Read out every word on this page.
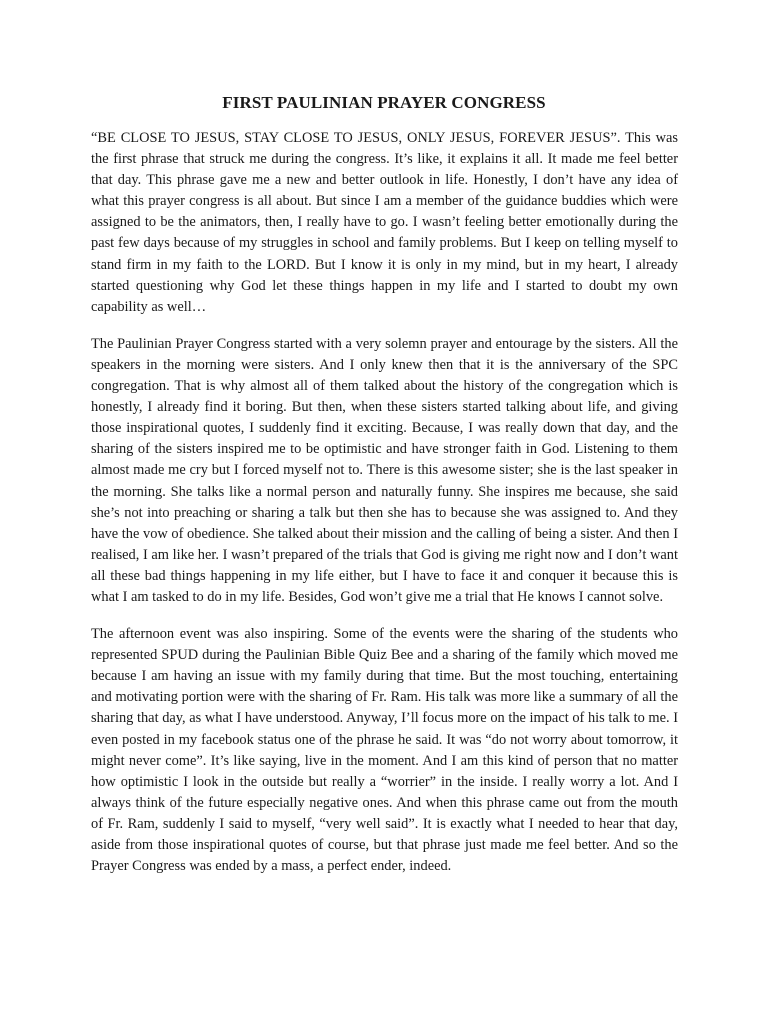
FIRST PAULINIAN PRAYER CONGRESS

“BE CLOSE TO JESUS, STAY CLOSE TO JESUS, ONLY JESUS, FOREVER JESUS”. This was the first phrase that struck me during the congress. It’s like, it explains it all. It made me feel better that day. This phrase gave me a new and better outlook in life. Honestly, I don’t have any idea of what this prayer congress is all about. But since I am a member of the guidance buddies which were assigned to be the animators, then, I really have to go. I wasn’t feeling better emotionally during the past few days because of my struggles in school and family problems. But I keep on telling myself to stand firm in my faith to the LORD. But I know it is only in my mind, but in my heart, I already started questioning why God let these things happen in my life and I started to doubt my own capability as well…

The Paulinian Prayer Congress started with a very solemn prayer and entourage by the sisters. All the speakers in the morning were sisters. And I only knew then that it is the anniversary of the SPC congregation. That is why almost all of them talked about the history of the congregation which is honestly, I already find it boring. But then, when these sisters started talking about life, and giving those inspirational quotes, I suddenly find it exciting. Because, I was really down that day, and the sharing of the sisters inspired me to be optimistic and have stronger faith in God. Listening to them almost made me cry but I forced myself not to. There is this awesome sister; she is the last speaker in the morning. She talks like a normal person and naturally funny. She inspires me because, she said she’s not into preaching or sharing a talk but then she has to because she was assigned to. And they have the vow of obedience. She talked about their mission and the calling of being a sister. And then I realised, I am like her. I wasn’t prepared of the trials that God is giving me right now and I don’t want all these bad things happening in my life either, but I have to face it and conquer it because this is what I am tasked to do in my life. Besides, God won’t give me a trial that He knows I cannot solve.

The afternoon event was also inspiring. Some of the events were the sharing of the students who represented SPUD during the Paulinian Bible Quiz Bee and a sharing of the family which moved me because I am having an issue with my family during that time. But the most touching, entertaining and motivating portion were with the sharing of Fr. Ram. His talk was more like a summary of all the sharing that day, as what I have understood. Anyway, I’ll focus more on the impact of his talk to me. I even posted in my facebook status one of the phrase he said. It was “do not worry about tomorrow, it might never come”. It’s like saying, live in the moment. And I am this kind of person that no matter how optimistic I look in the outside but really a “worrier” in the inside. I really worry a lot. And I always think of the future especially negative ones. And when this phrase came out from the mouth of Fr. Ram, suddenly I said to myself, “very well said”. It is exactly what I needed to hear that day, aside from those inspirational quotes of course, but that phrase just made me feel better. And so the Prayer Congress was ended by a mass, a perfect ender, indeed.
